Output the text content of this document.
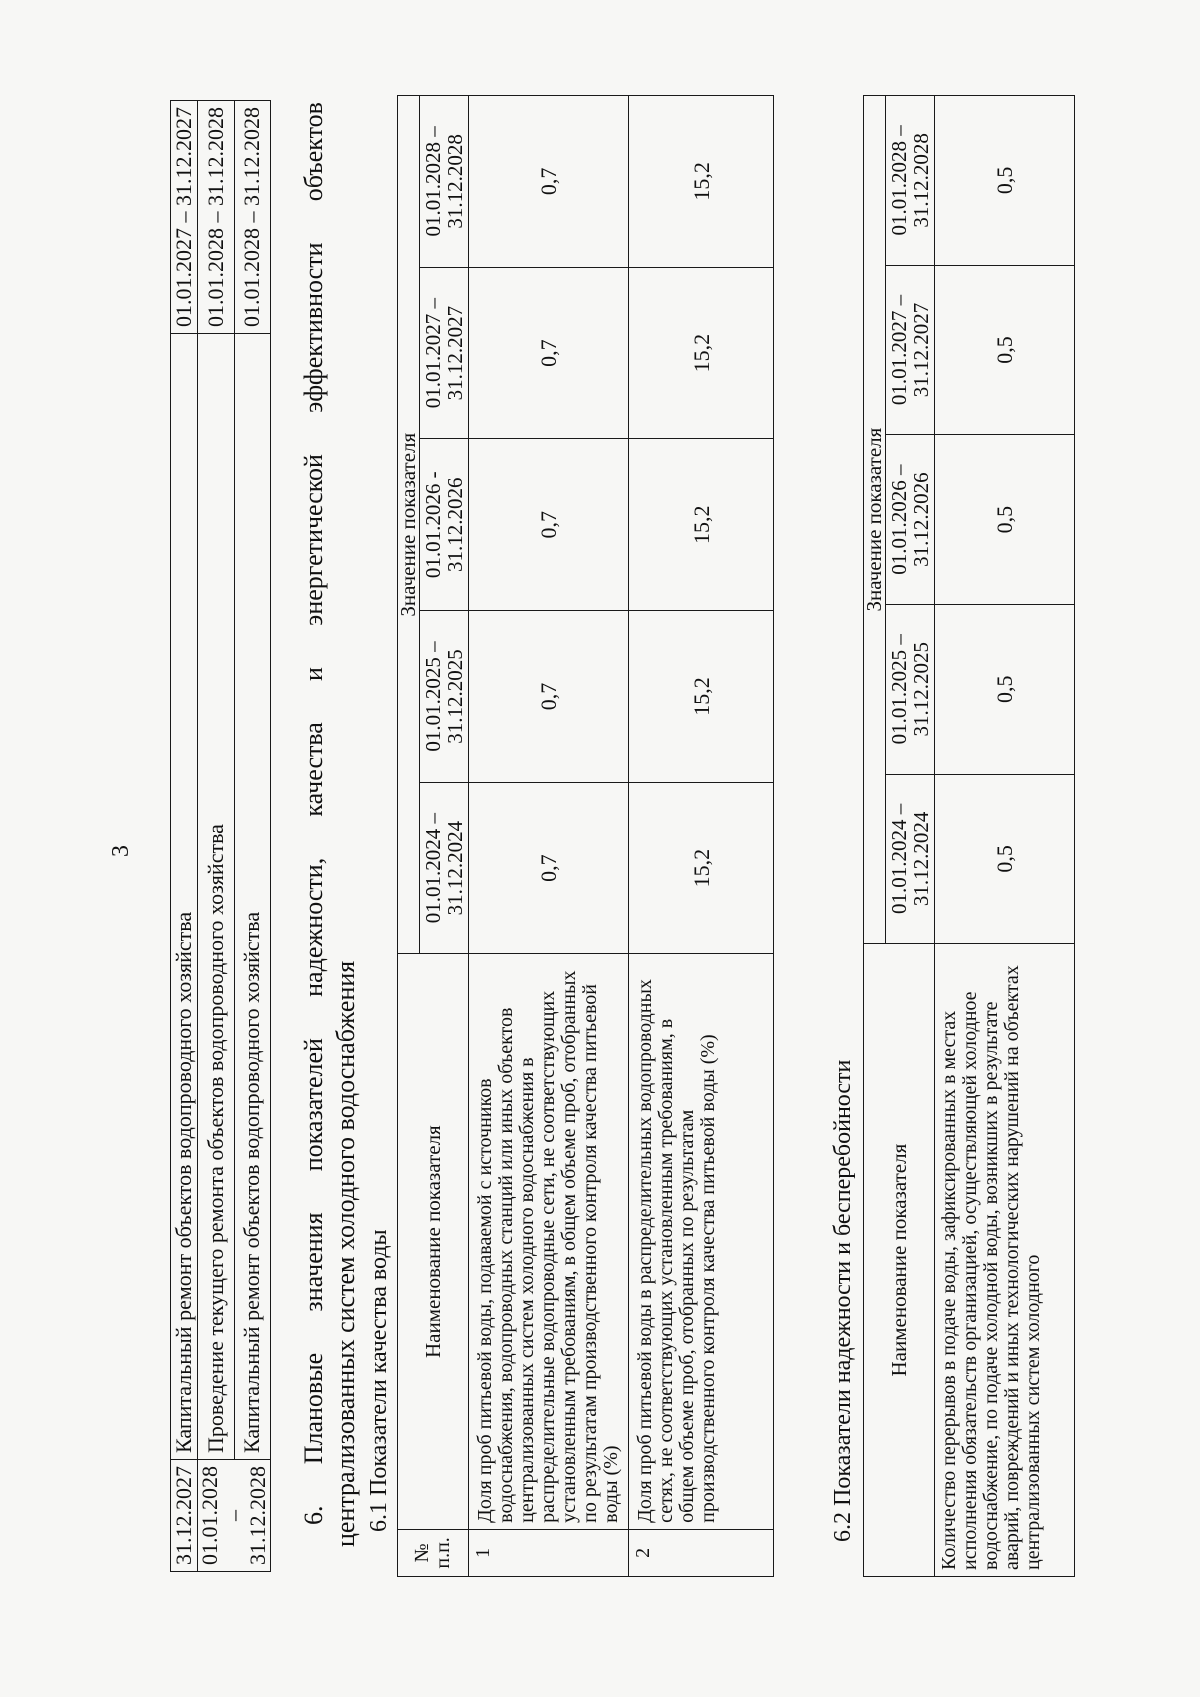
3
31.12.2027	Капитальный ремонт объектов водопроводного хозяйства	01.01.2027 – 31.12.2027
01.01.2028 – 31.12.2028	Проведение текущего ремонта объектов водопроводного хозяйства	01.01.2028 – 31.12.2028
	Капитальный ремонт объектов водопроводного хозяйства	01.01.2028 – 31.12.2028
6.
Плановые
значения
показателей
надежности,
качества
и
энергетической
эффективности
объектов
централизованных систем холодного водоснабжения 6.1 Показатели качества воды
№ п.п.	Наименование показателя	Значение показателя				
		01.01.2024 – 31.12.2024	01.01.2025 – 31.12.2025	01.01.2026 - 31.12.2026	01.01.2027 – 31.12.2027	01.01.2028 – 31.12.2028
1	Доля проб питьевой воды, подаваемой с источников водоснабжения, водопроводных станций или иных объектов централизованных систем холодного водоснабжения в распределительные водопроводные сети, не соответствующих установленным требованиям, в общем объеме проб, отобранных по результатам производственного контроля качества питьевой воды (%)	0,7	0,7	0,7	0,7	0,7
2	Доля проб питьевой воды в распределительных водопроводных сетях, не соответствующих установленным требованиям, в общем объеме проб, отобранных по результатам производственного контроля качества питьевой воды (%)	15,2	15,2	15,2	15,2	15,2
6.2 Показатели надежности и бесперебойности Наименование показателя	Значение показателя				
	01.01.2024 – 31.12.2024	01.01.2025 – 31.12.2025	01.01.2026 – 31.12.2026	01.01.2027 – 31.12.2027	01.01.2028 – 31.12.2028
Количество перерывов в подаче воды, зафиксированных в местах исполнения обязательств организацией, осуществляющей холодное водоснабжение, по подаче холодной воды, возникших в результате аварий, повреждений и иных технологических нарушений на объектах централизованных систем холодного	0,5	0,5	0,5	0,5	0,5
